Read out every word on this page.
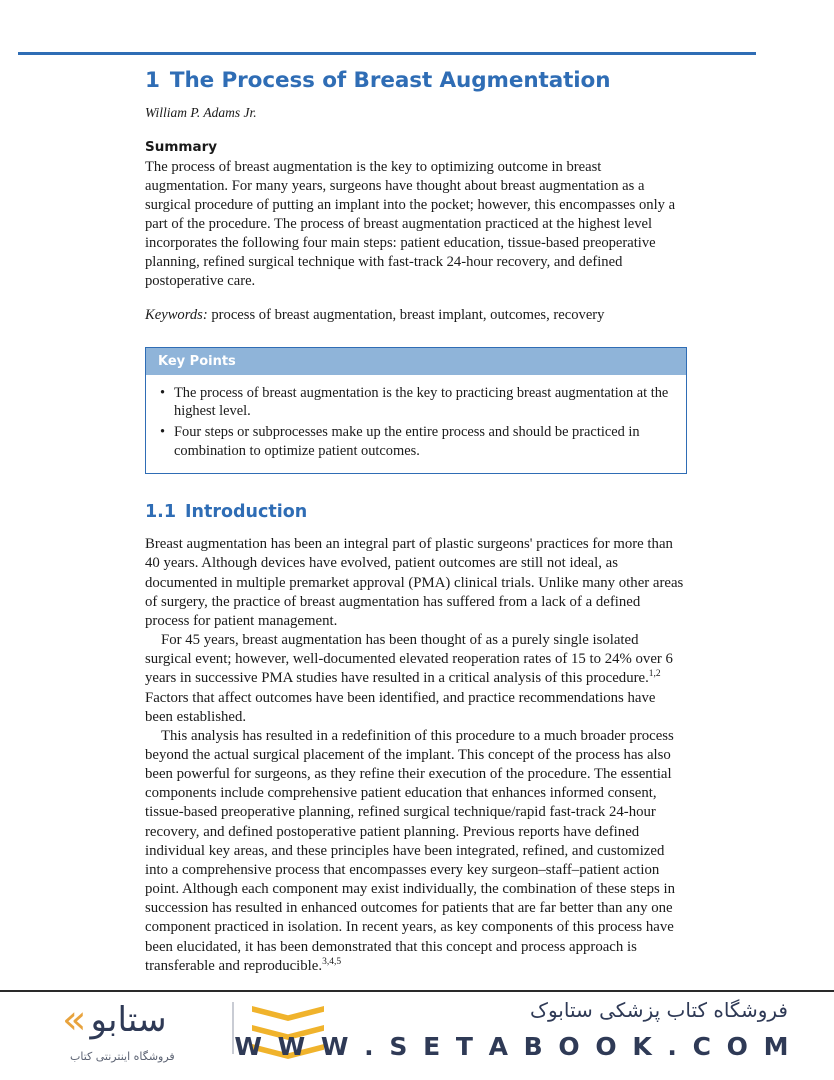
1 The Process of Breast Augmentation

William P. Adams Jr.

Summary

The process of breast augmentation is the key to optimizing outcome in breast augmentation. For many years, surgeons have thought about breast augmentation as a surgical procedure of putting an implant into the pocket; however, this encompasses only a part of the procedure. The process of breast augmentation practiced at the highest level incorporates the following four main steps: patient education, tissue-based preoperative planning, refined surgical technique with fast-track 24-hour recovery, and defined postoperative care.

Keywords: process of breast augmentation, breast implant, outcomes, recovery

Key Points
• The process of breast augmentation is the key to practicing breast augmentation at the highest level.
• Four steps or subprocesses make up the entire process and should be practiced in combination to optimize patient outcomes.
1.1 Introduction

Breast augmentation has been an integral part of plastic surgeons' practices for more than 40 years. Although devices have evolved, patient outcomes are still not ideal, as documented in multiple premarket approval (PMA) clinical trials. Unlike many other areas of surgery, the practice of breast augmentation has suffered from a lack of a defined process for patient management.

For 45 years, breast augmentation has been thought of as a purely single isolated surgical event; however, well-documented elevated reoperation rates of 15 to 24% over 6 years in successive PMA studies have resulted in a critical analysis of this procedure.$^{1,2}$

Factors that affect outcomes have been identified, and practice recommendations have been established.

This analysis has resulted in a redefinition of this procedure to a much broader process beyond the actual surgical placement of the implant. This concept of the process has also been powerful for surgeons, as they refine their execution of the procedure. The essential components include comprehensive patient education that enhances informed consent, tissue-based preoperative planning, refined surgical technique/rapid fast-track 24-hour recovery, and defined postoperative patient planning. Previous reports have defined individual key areas, and these principles have been integrated, refined, and customized into a comprehensive process that encompasses every key surgeon–staff–patient action point. Although each component may exist individually, the combination of these steps in succession has resulted in enhanced outcomes for patients that are far better than any one component practiced in isolation. In recent years, as key components of this process have been elucidated, it has been demonstrated that this concept and process approach is transferable and reproducible.$^{3,4,5}$

« ستابو
فروشگاه اینترنتی کتاب
فروشگاه کتاب پزشکی ستابوک
W W W . S E T A B O O K . C O M
